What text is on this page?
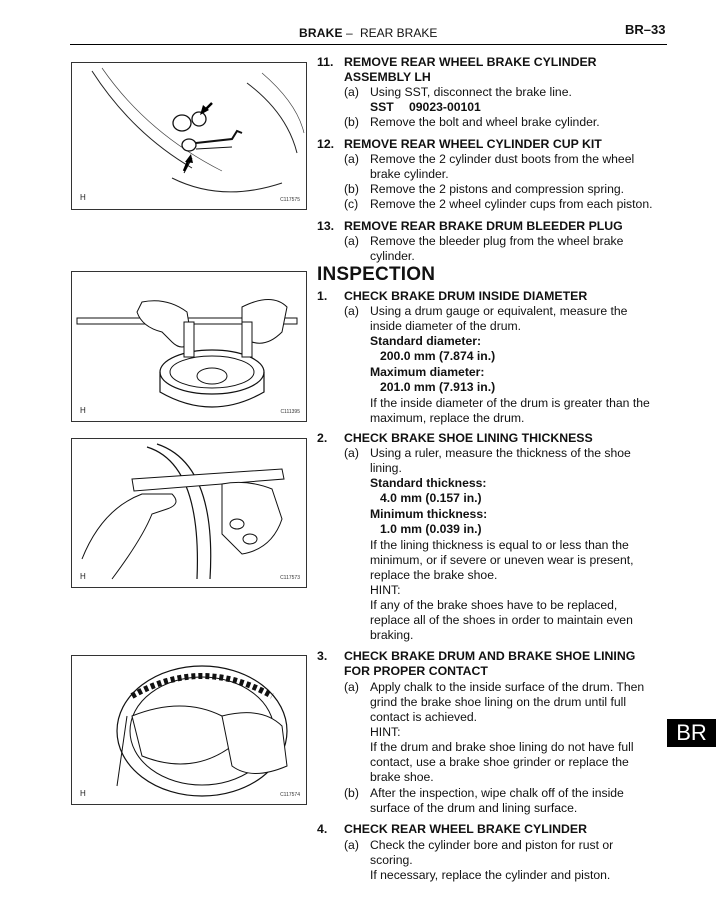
BRAKE – REAR BRAKE	BR–33
H	C117575
H	C111395
H	C117573
H	C117574
11. REMOVE REAR WHEEL BRAKE CYLINDER
ASSEMBLY LH
(a) Using SST, disconnect the brake line.
SST 09023-00101
(b) Remove the bolt and wheel brake cylinder.
12. REMOVE REAR WHEEL CYLINDER CUP KIT
(a) Remove the 2 cylinder dust boots from the wheel
brake cylinder.
(b) Remove the 2 pistons and compression spring.
(c) Remove the 2 wheel cylinder cups from each piston.
13. REMOVE REAR BRAKE DRUM BLEEDER PLUG
(a) Remove the bleeder plug from the wheel brake
cylinder.
INSPECTION
1. CHECK BRAKE DRUM INSIDE DIAMETER
(a) Using a drum gauge or equivalent, measure the
inside diameter of the drum.
Standard diameter:
200.0 mm (7.874 in.)
Maximum diameter:
201.0 mm (7.913 in.)
If the inside diameter of the drum is greater than the
maximum, replace the drum.
2. CHECK BRAKE SHOE LINING THICKNESS
(a) Using a ruler, measure the thickness of the shoe
lining.
Standard thickness:
4.0 mm (0.157 in.)
Minimum thickness:
1.0 mm (0.039 in.)
If the lining thickness is equal to or less than the
minimum, or if severe or uneven wear is present,
replace the brake shoe.
HINT:
If any of the brake shoes have to be replaced,
replace all of the shoes in order to maintain even
braking.
3. CHECK BRAKE DRUM AND BRAKE SHOE LINING
FOR PROPER CONTACT
(a) Apply chalk to the inside surface of the drum. Then
grind the brake shoe lining on the drum until full
contact is achieved.
HINT:
If the drum and brake shoe lining do not have full
contact, use a brake shoe grinder or replace the
brake shoe.
(b) After the inspection, wipe chalk off of the inside
surface of the drum and lining surface.
4. CHECK REAR WHEEL BRAKE CYLINDER
(a) Check the cylinder bore and piston for rust or
scoring.
If necessary, replace the cylinder and piston.
BR
